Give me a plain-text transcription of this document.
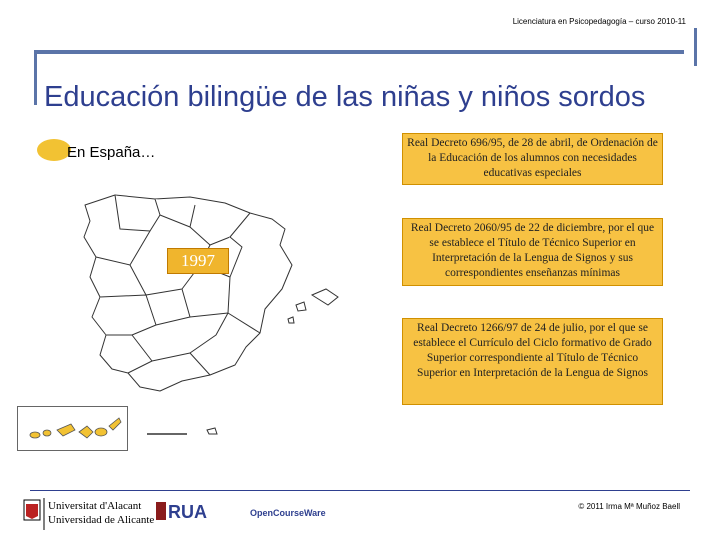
Licenciatura en Psicopedagogía – curso 2010-11
Educación bilingüe de las niñas y niños sordos
En España…
1997
Real Decreto 696/95, de 28 de abril, de Ordenación de la Educación de los alumnos con necesidades educativas especiales
Real Decreto 2060/95 de 22 de diciembre, por el que se establece el Título de Técnico Superior en Interpretación de la Lengua de Signos y sus correspondientes enseñanzas mínimas
Real Decreto 1266/97 de 24 de julio, por el que se establece el Currículo del Ciclo formativo de Grado Superior correspondiente al Título de Técnico Superior en Interpretación de la Lengua de Signos
Universitat d'Alacant
Universidad de Alicante RUA	OpenCourseWare
© 2011 Irma Mª Muñoz Baell
